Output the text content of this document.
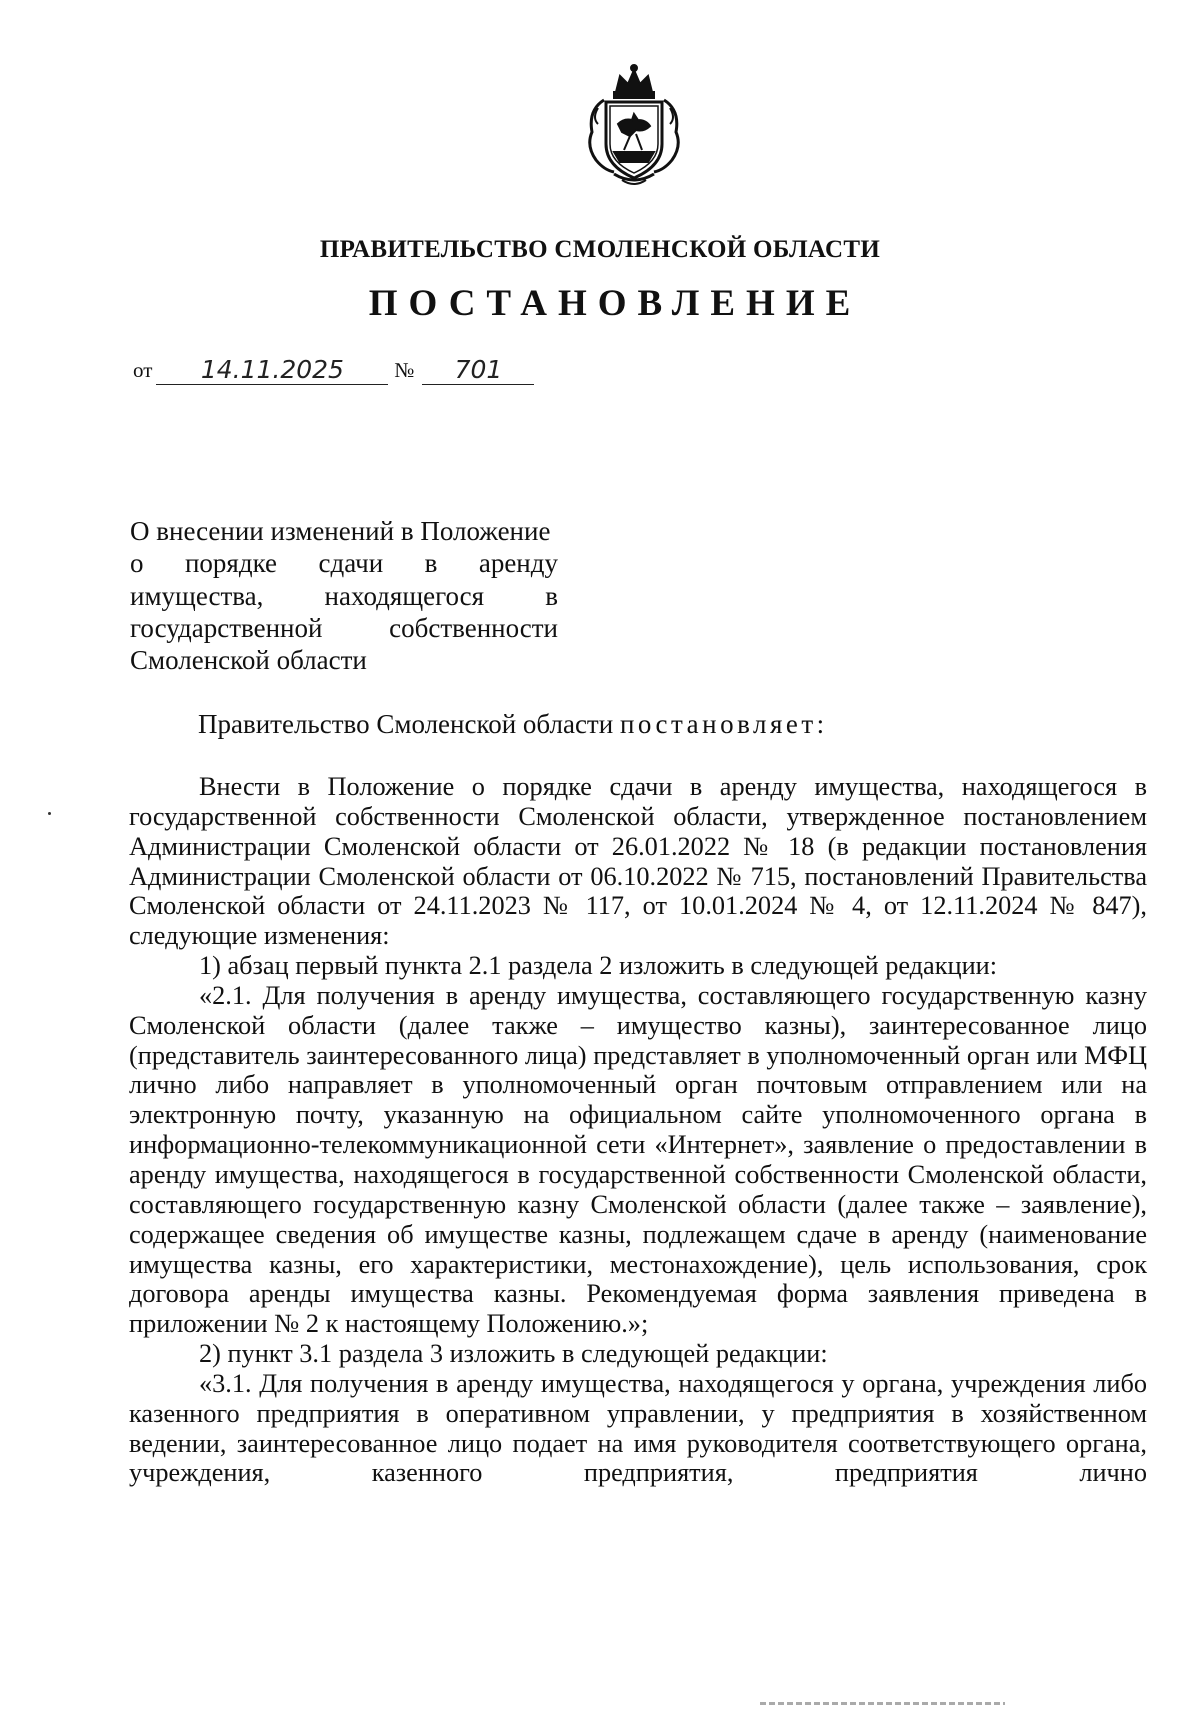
ПРАВИТЕЛЬСТВО СМОЛЕНСКОЙ ОБЛАСТИ
ПОСТАНОВЛЕНИЕ
от	14.11.2025	№	701
О внесении изменений в Положение
о порядке сдачи в аренду
имущества, находящегося в
государственной собственности
Смоленской области
Правительство Смоленской области постановляет:

Внести в Положение о порядке сдачи в аренду имущества, находящегося в государственной собственности Смоленской области, утвержденное постановлением Администрации Смоленской области от 26.01.2022 № 18 (в редакции постановления Администрации Смоленской области от 06.10.2022 № 715, постановлений Правительства Смоленской области от 24.11.2023 № 117, от 10.01.2024 № 4, от 12.11.2024 № 847), следующие изменения:

1) абзац первый пункта 2.1 раздела 2 изложить в следующей редакции:

«2.1. Для получения в аренду имущества, составляющего государственную казну Смоленской области (далее также – имущество казны), заинтересованное лицо (представитель заинтересованного лица) представляет в уполномоченный орган или МФЦ лично либо направляет в уполномоченный орган почтовым отправлением или на электронную почту, указанную на официальном сайте уполномоченного органа в информационно-телекоммуникационной сети «Интернет», заявление о предоставлении в аренду имущества, находящегося в государственной собственности Смоленской области, составляющего государственную казну Смоленской области (далее также – заявление), содержащее сведения об имуществе казны, подлежащем сдаче в аренду (наименование имущества казны, его характеристики, местонахождение), цель использования, срок договора аренды имущества казны. Рекомендуемая форма заявления приведена в приложении № 2 к настоящему Положению.»;

2) пункт 3.1 раздела 3 изложить в следующей редакции:

«3.1. Для получения в аренду имущества, находящегося у органа, учреждения либо казенного предприятия в оперативном управлении, у предприятия в хозяйственном ведении, заинтересованное лицо подает на имя руководителя соответствующего органа, учреждения, казенного предприятия, предприятия лично
